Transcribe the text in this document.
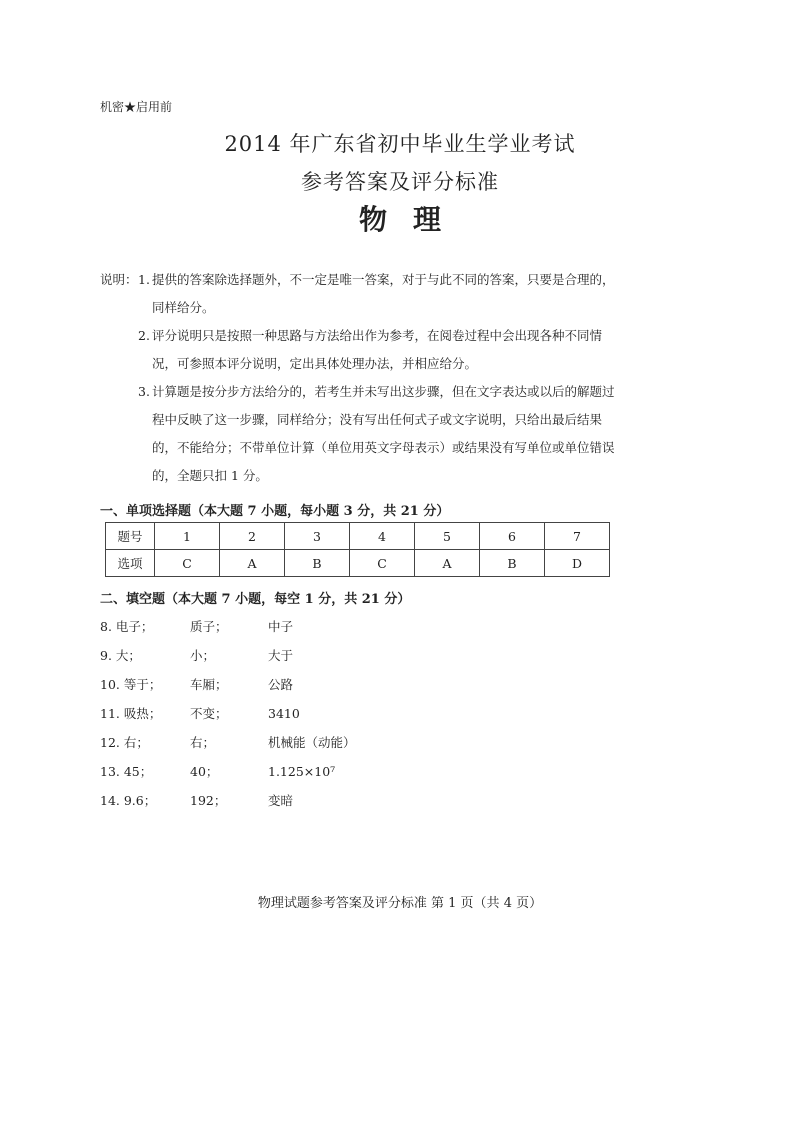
机密★启用前
2014 年广东省初中毕业生学业考试
参考答案及评分标准
物理
说明： 1. 提供的答案除选择题外，不一定是唯一答案，对于与此不同的答案，只要是合理的，同样给分。
2. 评分说明只是按照一种思路与方法给出作为参考，在阅卷过程中会出现各种不同情况，可参照本评分说明，定出具体处理办法，并相应给分。
3. 计算题是按分步方法给分的，若考生并未写出这步骤，但在文字表达或以后的解题过程中反映了这一步骤，同样给分；没有写出任何式子或文字说明，只给出最后结果的，不能给分；不带单位计算（单位用英文字母表示）或结果没有写单位或单位错误的，全题只扣 1 分。
一、单项选择题（本大题 7 小题，每小题 3 分，共 21 分）
题号	1	2	3	4	5	6	7
选项	C	A	B	C	A	B	D
二、填空题（本大题 7 小题，每空 1 分，共 21 分）
8. 电子；	质子；	中子
9. 大；	小；	大于
10. 等于； 车厢；	公路
11. 吸热； 不变；	3410
12. 右；	右；	机械能（动能）
13. 45；	40；	1.125×10⁷
14. 9.6；	192；	变暗
物理试题参考答案及评分标准 第 1 页（共 4 页）
